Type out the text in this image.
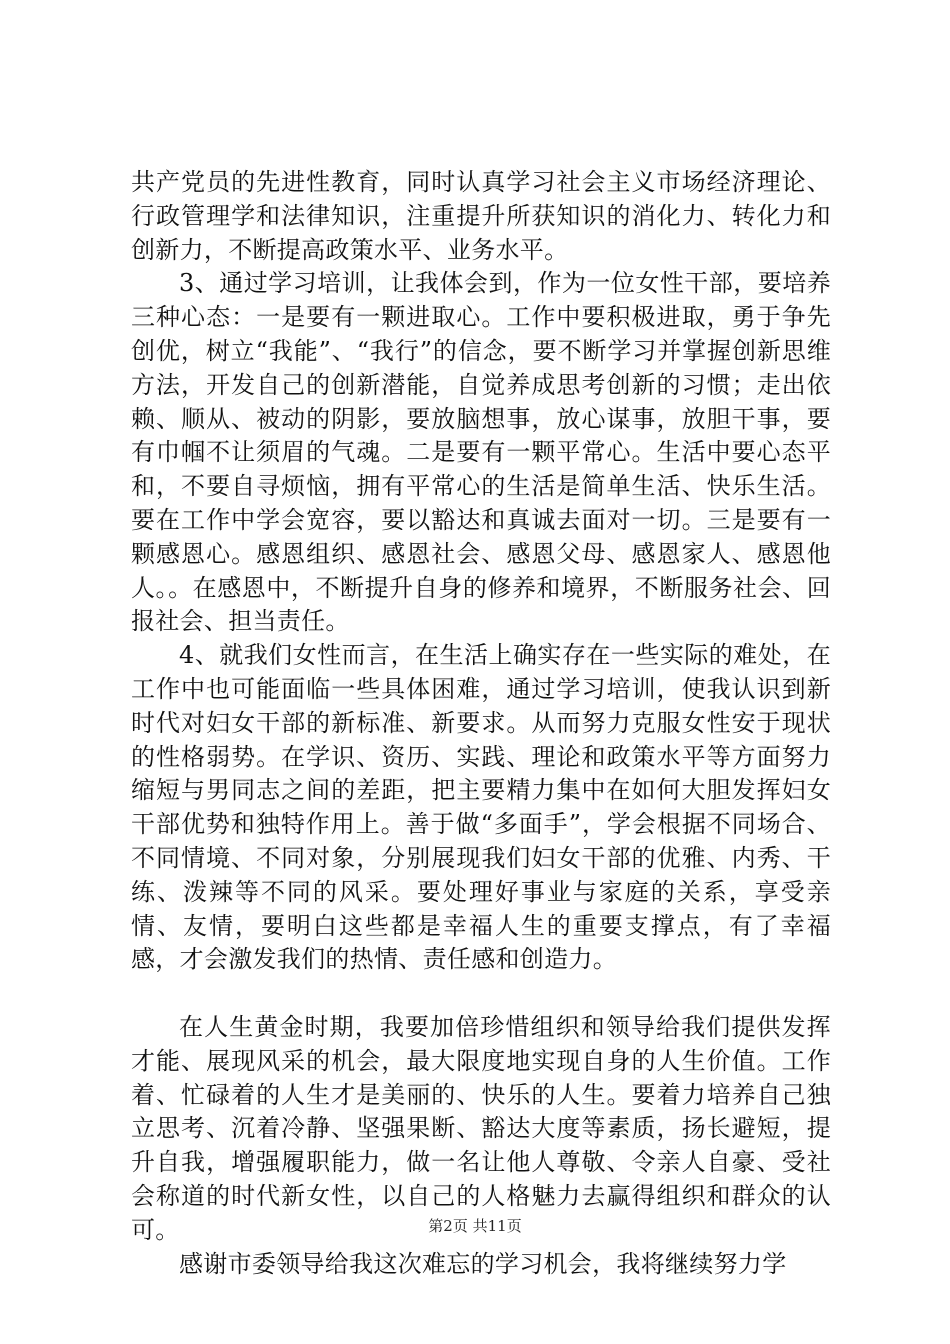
共产党员的先进性教育，同时认真学习社会主义市场经济理论、行政管理学和法律知识，注重提升所获知识的消化力、转化力和创新力，不断提高政策水平、业务水平。

3、通过学习培训，让我体会到，作为一位女性干部，要培养三种心态：一是要有一颗进取心。工作中要积极进取，勇于争先创优，树立“我能”、“我行”的信念，要不断学习并掌握创新思维方法，开发自己的创新潜能，自觉养成思考创新的习惯；走出依赖、顺从、被动的阴影，要放脑想事，放心谋事，放胆干事，要有巾帼不让须眉的气魂。二是要有一颗平常心。生活中要心态平和，不要自寻烦恼，拥有平常心的生活是简单生活、快乐生活。要在工作中学会宽容，要以豁达和真诚去面对一切。三是要有一颗感恩心。感恩组织、感恩社会、感恩父母、感恩家人、感恩他人。。在感恩中，不断提升自身的修养和境界，不断服务社会、回报社会、担当责任。

4、就我们女性而言，在生活上确实存在一些实际的难处，在工作中也可能面临一些具体困难，通过学习培训，使我认识到新时代对妇女干部的新标准、新要求。从而努力克服女性安于现状的性格弱势。在学识、资历、实践、理论和政策水平等方面努力缩短与男同志之间的差距，把主要精力集中在如何大胆发挥妇女干部优势和独特作用上。善于做“多面手”，学会根据不同场合、不同情境、不同对象，分别展现我们妇女干部的优雅、内秀、干练、泼辣等不同的风采。要处理好事业与家庭的关系，享受亲情、友情，要明白这些都是幸福人生的重要支撑点，有了幸福感，才会激发我们的热情、责任感和创造力。

在人生黄金时期，我要加倍珍惜组织和领导给我们提供发挥才能、展现风采的机会，最大限度地实现自身的人生价值。工作着、忙碌着的人生才是美丽的、快乐的人生。要着力培养自己独立思考、沉着冷静、坚强果断、豁达大度等素质，扬长避短，提升自我，增强履职能力，做一名让他人尊敬、令亲人自豪、受社会称道的时代新女性，以自己的人格魅力去赢得组织和群众的认可。

感谢市委领导给我这次难忘的学习机会，我将继续努力学

第2页 共11页
